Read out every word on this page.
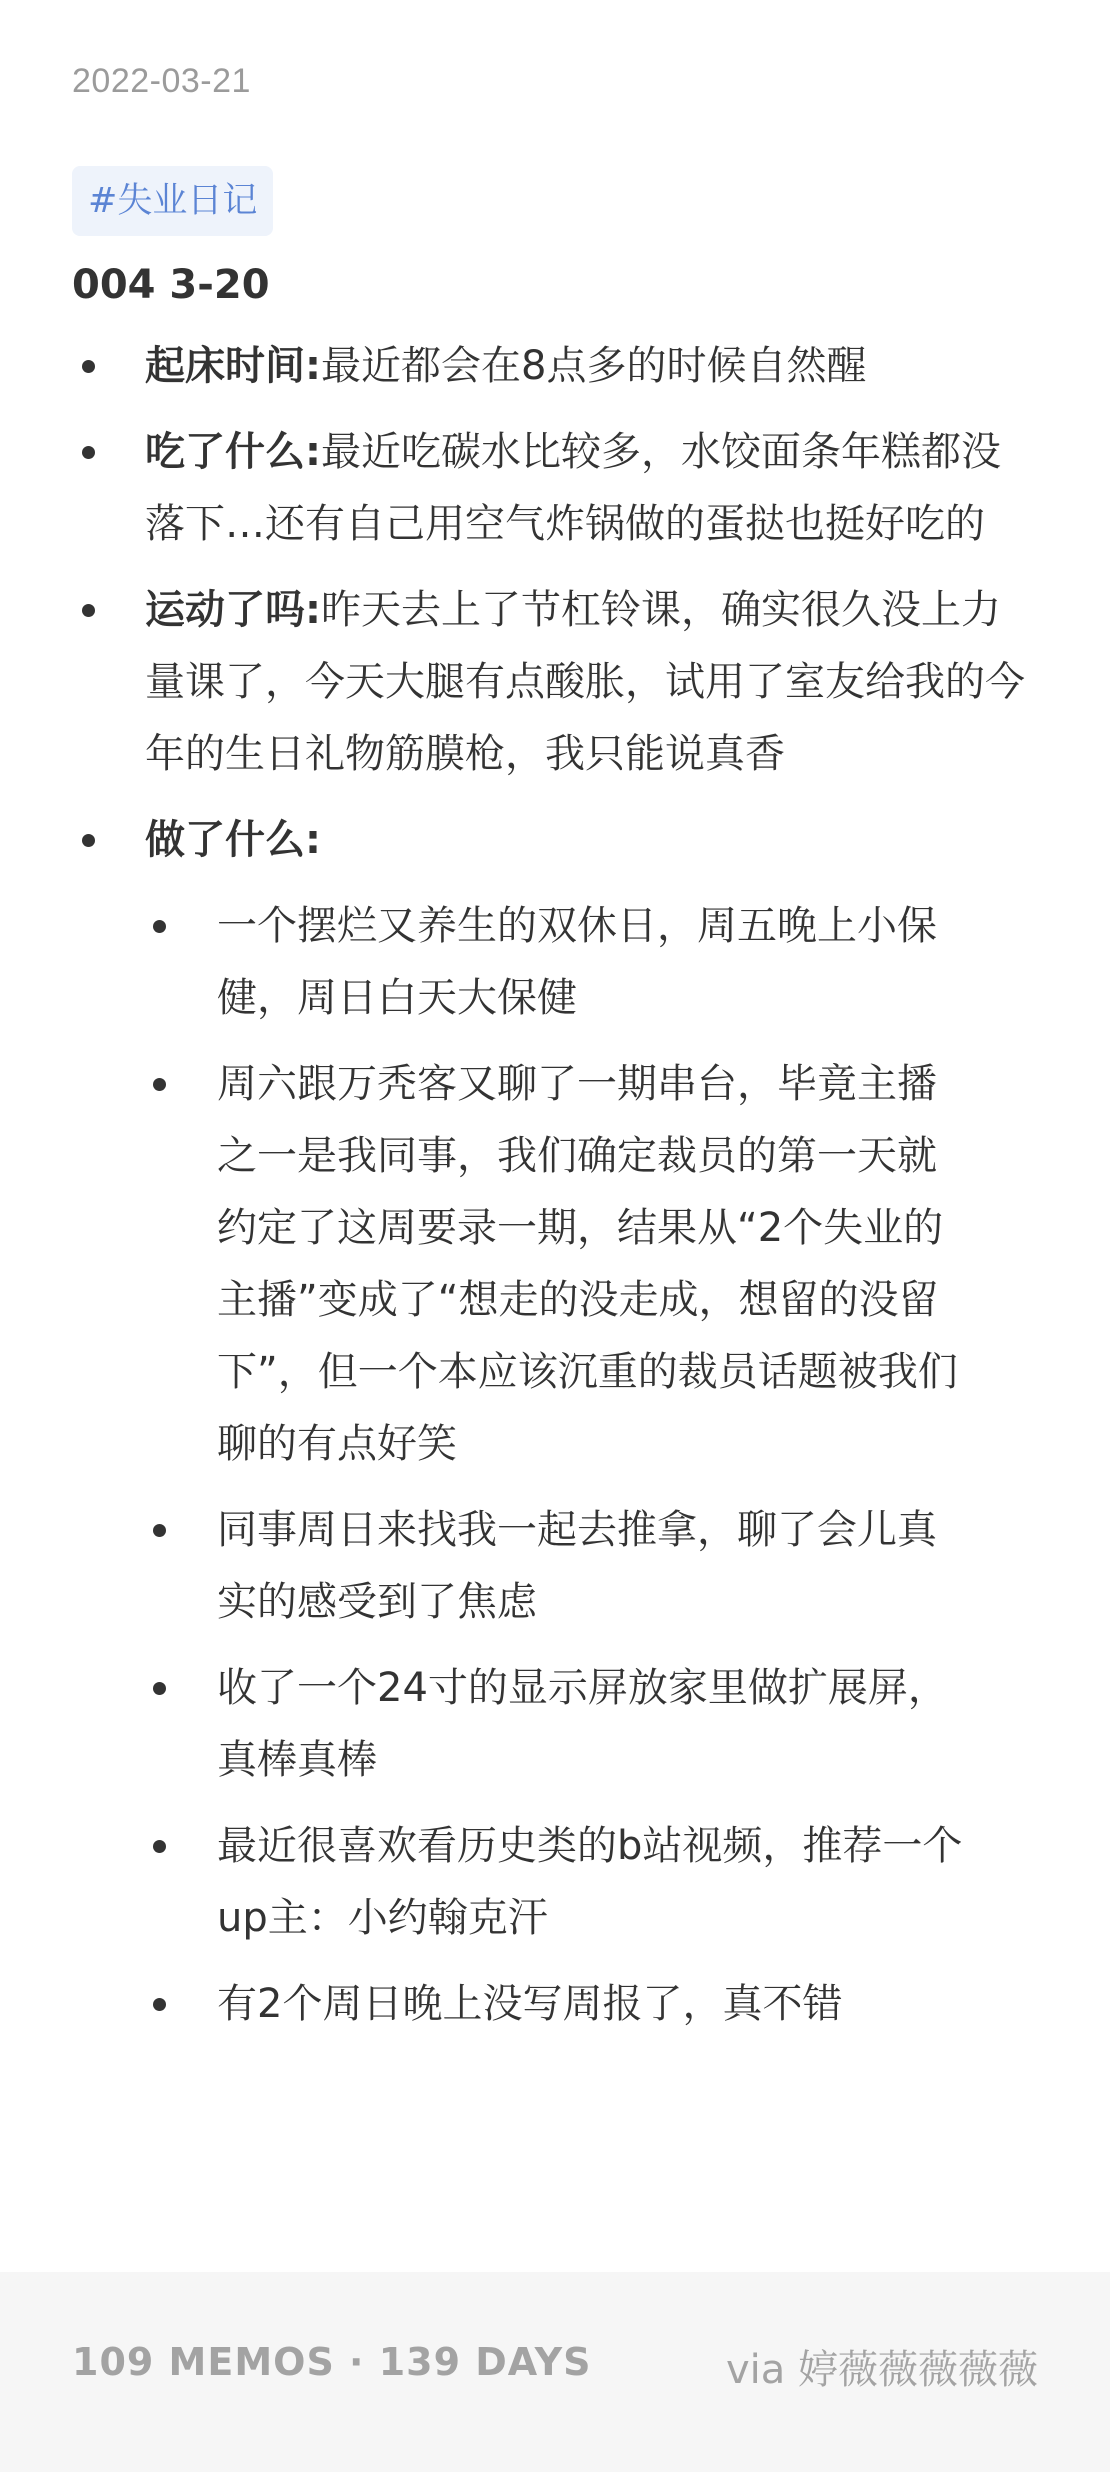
2022-03-21
#失业日记
004 3-20
起床时间:最近都会在8点多的时候自然醒
吃了什么:最近吃碳水比较多，水饺面条年糕都没落下…还有自己用空气炸锅做的蛋挞也挺好吃的
运动了吗:昨天去上了节杠铃课，确实很久没上力量课了，今天大腿有点酸胀，试用了室友给我的今年的生日礼物筋膜枪，我只能说真香
做了什么:
一个摆烂又养生的双休日，周五晚上小保健，周日白天大保健
周六跟万秃客又聊了一期串台，毕竟主播之一是我同事，我们确定裁员的第一天就约定了这周要录一期，结果从“2个失业的主播”变成了“想走的没走成，想留的没留下”，但一个本应该沉重的裁员话题被我们聊的有点好笑
同事周日来找我一起去推拿，聊了会儿真实的感受到了焦虑
收了一个24寸的显示屏放家里做扩展屏，真棒真棒
最近很喜欢看历史类的b站视频，推荐一个up主：小约翰克汗
有2个周日晚上没写周报了，真不错
109 MEMOS · 139 DAYS	via 婷薇薇薇薇薇
